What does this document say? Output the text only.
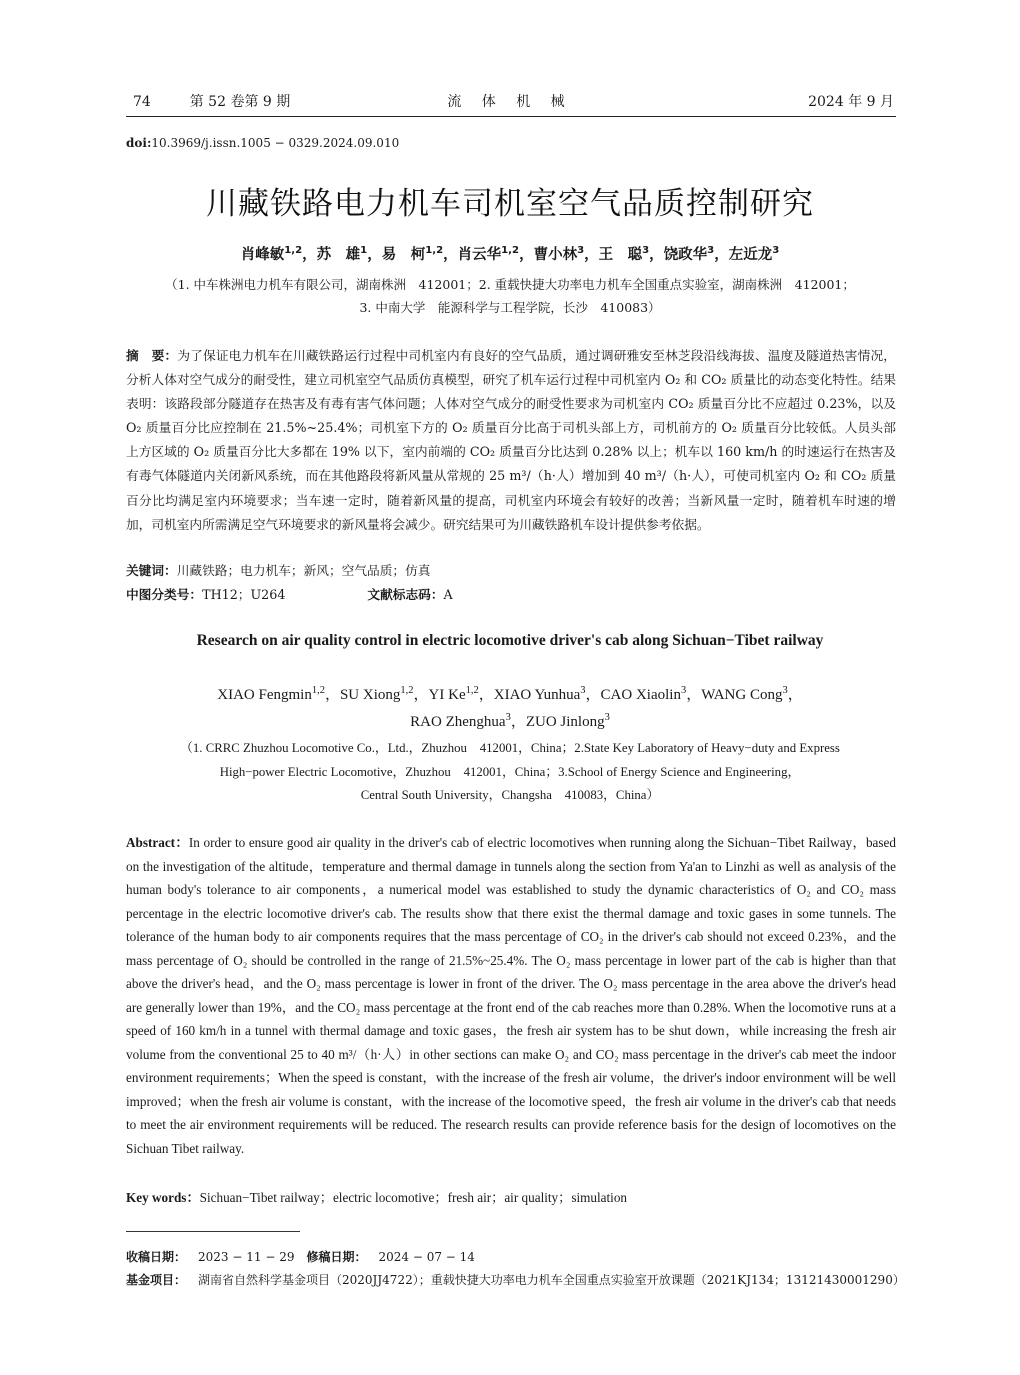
74	第 52 卷第 9 期	流 体 机 械	2024 年 9 月
doi:10.3969/j.issn.1005 − 0329.2024.09.010
川藏铁路电力机车司机室空气品质控制研究
肖峰敏$^{1,2}$，苏　雄$^1$，易　柯$^{1,2}$，肖云华$^{1,2}$，曹小林$^3$，王　聪$^3$，饶政华$^3$，左近龙$^3$
（1. 中车株洲电力机车有限公司，湖南株洲　412001；2. 重载快捷大功率电力机车全国重点实验室，湖南株洲　412001；
3. 中南大学　能源科学与工程学院，长沙　410083）
摘　要：为了保证电力机车在川藏铁路运行过程中司机室内有良好的空气品质，通过调研雅安至林芝段沿线海拔、温度及隧道热害情况，分析人体对空气成分的耐受性，建立司机室空气品质仿真模型，研究了机车运行过程中司机室内 O₂ 和 CO₂ 质量比的动态变化特性。结果表明：该路段部分隧道存在热害及有毒有害气体问题；人体对空气成分的耐受性要求为司机室内 CO₂ 质量百分比不应超过 0.23%，以及 O₂ 质量百分比应控制在 21.5%~25.4%；司机室下方的 O₂ 质量百分比高于司机头部上方，司机前方的 O₂ 质量百分比较低。人员头部上方区域的 O₂ 质量百分比大多都在 19% 以下，室内前端的 CO₂ 质量百分比达到 0.28% 以上；机车以 160 km/h 的时速运行在热害及有毒气体隧道内关闭新风系统，而在其他路段将新风量从常规的 25 m³/（h·人）增加到 40 m³/（h·人），可使司机室内 O₂ 和 CO₂ 质量百分比均满足室内环境要求；当车速一定时，随着新风量的提高，司机室内环境会有较好的改善；当新风量一定时，随着机车时速的增加，司机室内所需满足空气环境要求的新风量将会减少。研究结果可为川藏铁路机车设计提供参考依据。
关键词：川藏铁路；电力机车；新风；空气品质；仿真
中图分类号：TH12；U264	文献标志码：A
Research on air quality control in electric locomotive driver's cab along Sichuan−Tibet railway
XIAO Fengmin$^{1,2}$，SU Xiong$^{1,2}$，YI Ke$^{1,2}$，XIAO Yunhua$^3$，CAO Xiaolin$^3$，WANG Cong$^3$，
RAO Zhenghua$^3$，ZUO Jinlong$^3$
（1. CRRC Zhuzhou Locomotive Co.，Ltd.，Zhuzhou　412001，China；2.State Key Laboratory of Heavy−duty and Express
High−power Electric Locomotive，Zhuzhou　412001，China；3.School of Energy Science and Engineering，
Central South University，Changsha　410083，China）
Abstract：In order to ensure good air quality in the driver's cab of electric locomotives when running along the Sichuan−Tibet Railway，based on the investigation of the altitude，temperature and thermal damage in tunnels along the section from Ya'an to Linzhi as well as analysis of the human body's tolerance to air components，a numerical model was established to study the dynamic characteristics of O₂ and CO₂ mass percentage in the electric locomotive driver's cab. The results show that there exist the thermal damage and toxic gases in some tunnels. The tolerance of the human body to air components requires that the mass percentage of CO₂ in the driver's cab should not exceed 0.23%，and the mass percentage of O₂ should be controlled in the range of 21.5%~25.4%. The O₂ mass percentage in lower part of the cab is higher than that above the driver's head，and the O₂ mass percentage is lower in front of the driver. The O₂ mass percentage in the area above the driver's head are generally lower than 19%，and the CO₂ mass percentage at the front end of the cab reaches more than 0.28%. When the locomotive runs at a speed of 160 km/h in a tunnel with thermal damage and toxic gases，the fresh air system has to be shut down，while increasing the fresh air volume from the conventional 25 to 40 m³/（h·人）in other sections can make O₂ and CO₂ mass percentage in the driver's cab meet the indoor environment requirements；When the speed is constant，with the increase of the fresh air volume，the driver's indoor environment will be well improved；when the fresh air volume is constant，with the increase of the locomotive speed，the fresh air volume in the driver's cab that needs to meet the air environment requirements will be reduced. The research results can provide reference basis for the design of locomotives on the Sichuan Tibet railway.
Key words：Sichuan−Tibet railway；electric locomotive；fresh air；air quality；simulation
收稿日期： 2023 − 11 − 29 修稿日期： 2024 − 07 − 14
基金项目： 湖南省自然科学基金项目（2020JJ4722）；重载快捷大功率电力机车全国重点实验室开放课题（2021KJ134；13121430001290）
